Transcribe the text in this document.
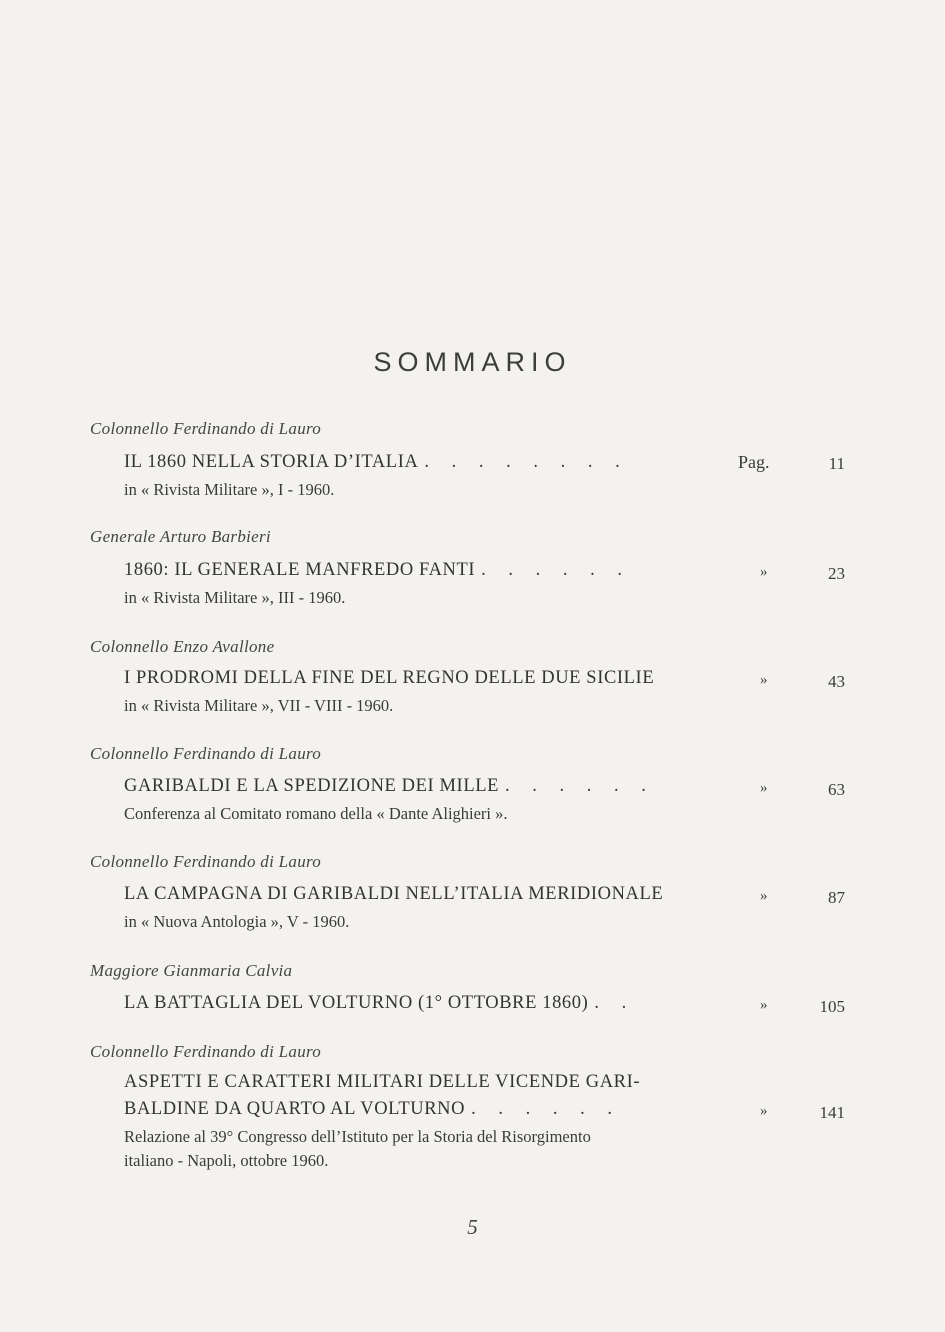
SOMMARIO
Colonnello Ferdinando di Lauro
IL 1860 NELLA STORIA D’ITALIA . . . . . . . .	Pag.	11
in « Rivista Militare », I - 1960.
Generale Arturo Barbieri
1860: IL GENERALE MANFREDO FANTI . . . . . .	»	23
in « Rivista Militare », III - 1960.
Colonnello Enzo Avallone
I PRODROMI DELLA FINE DEL REGNO DELLE DUE SICILIE	»	43
in « Rivista Militare », VII - VIII - 1960.
Colonnello Ferdinando di Lauro
GARIBALDI E LA SPEDIZIONE DEI MILLE . . . . . .	»	63
Conferenza al Comitato romano della « Dante Alighieri ».
Colonnello Ferdinando di Lauro
LA CAMPAGNA DI GARIBALDI NELL’ITALIA MERIDIONALE	»	87
in « Nuova Antologia », V - 1960.
Maggiore Gianmaria Calvia
LA BATTAGLIA DEL VOLTURNO (1° OTTOBRE 1860) . .	»	105
Colonnello Ferdinando di Lauro
ASPETTI E CARATTERI MILITARI DELLE VICENDE GARI-
BALDINE DA QUARTO AL VOLTURNO . . . . . .	»	141
Relazione al 39° Congresso dell’Istituto per la Storia del Risorgimento
italiano - Napoli, ottobre 1960.
5
